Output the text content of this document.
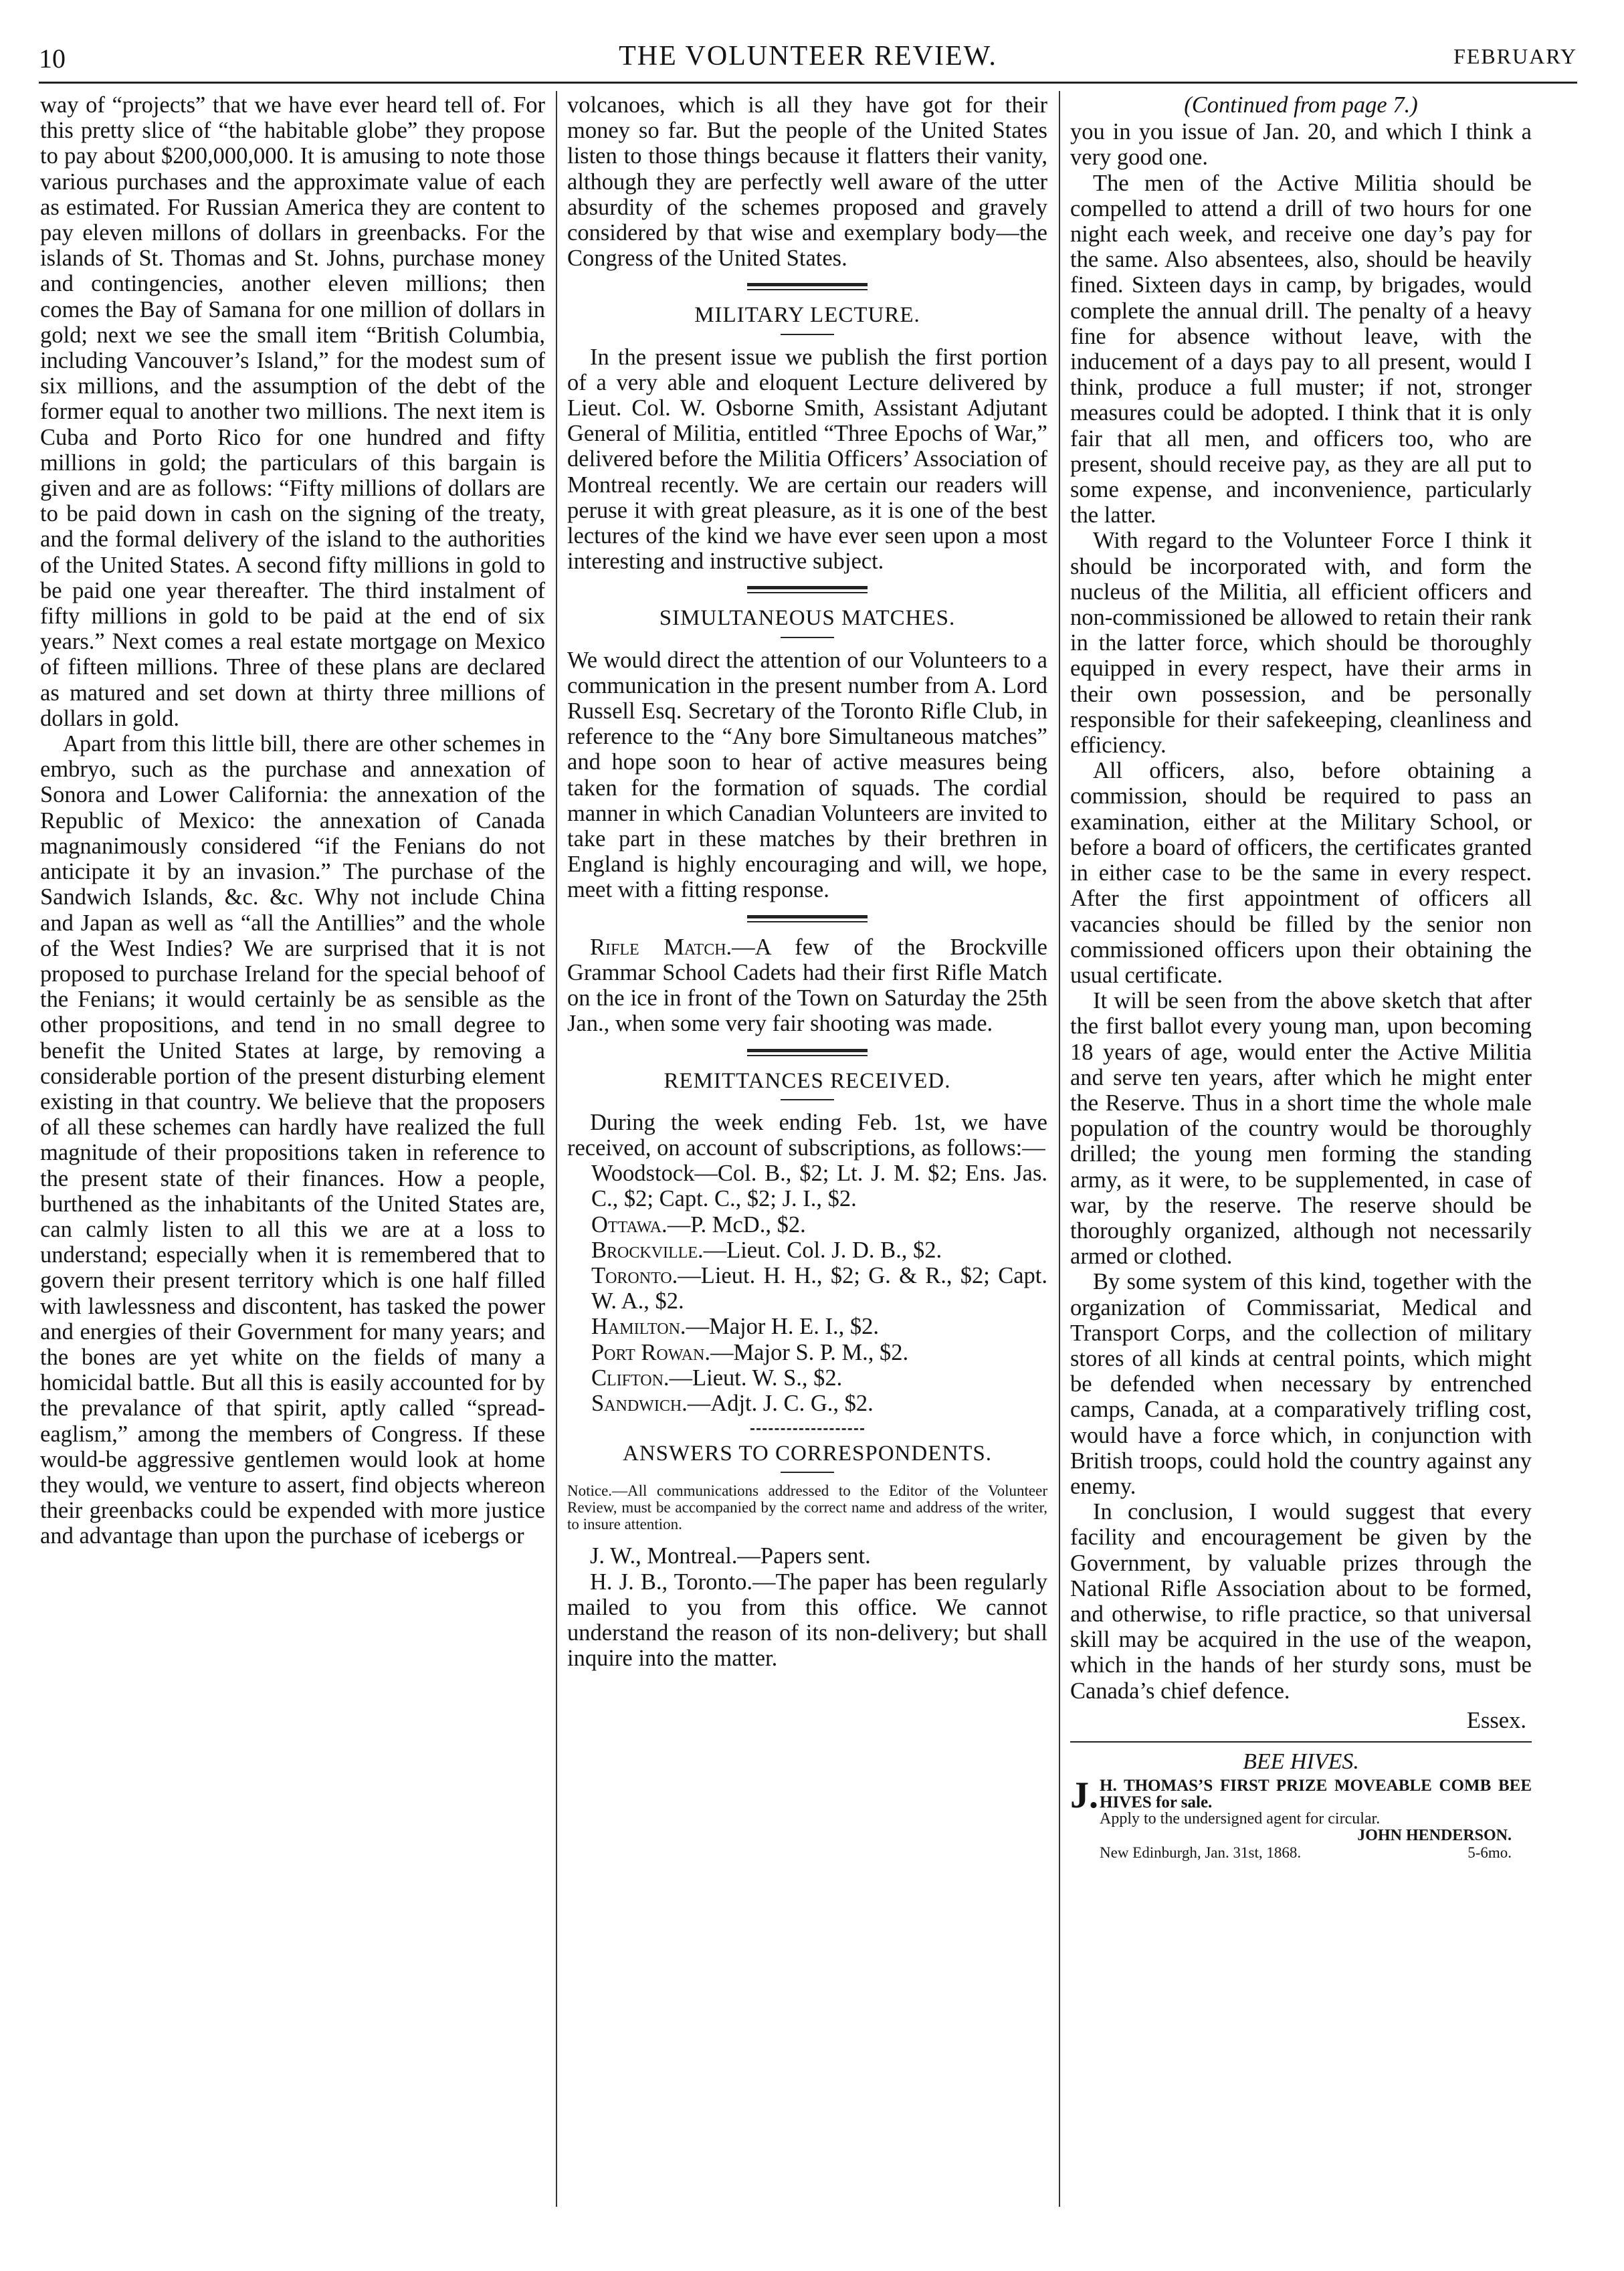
10	THE VOLUNTEER REVIEW.	FEBRUARY

way of “projects” that we have ever heard tell of. For this pretty slice of “the habitable globe” they propose to pay about $200,000,000. It is amusing to note those various purchases and the approximate value of each as estimated. For Russian America they are content to pay eleven millons of dollars in greenbacks. For the islands of St. Thomas and St. Johns, purchase money and contingencies, another eleven millions; then comes the Bay of Samana for one million of dollars in gold; next we see the small item “British Columbia, including Vancouver’s Island,” for the modest sum of six millions, and the assumption of the debt of the former equal to another two millions. The next item is Cuba and Porto Rico for one hundred and fifty millions in gold; the particulars of this bargain is given and are as follows: “Fifty millions of dollars are to be paid down in cash on the signing of the treaty, and the formal delivery of the island to the authorities of the United States. A second fifty millions in gold to be paid one year thereafter. The third instalment of fifty millions in gold to be paid at the end of six years.” Next comes a real estate mortgage on Mexico of fifteen millions. Three of these plans are declared as matured and set down at thirty three millions of dollars in gold.

Apart from this little bill, there are other schemes in embryo, such as the purchase and annexation of Sonora and Lower California: the annexation of the Republic of Mexico: the annexation of Canada magnanimously considered “if the Fenians do not anticipate it by an invasion.” The purchase of the Sandwich Islands, &c. &c. Why not include China and Japan as well as “all the Antillies” and the whole of the West Indies? We are surprised that it is not proposed to purchase Ireland for the special behoof of the Fenians; it would certainly be as sensible as the other propositions, and tend in no small degree to benefit the United States at large, by removing a considerable portion of the present disturbing element existing in that country. We believe that the proposers of all these schemes can hardly have realized the full magnitude of their propositions taken in reference to the present state of their finances. How a people, burthened as the inhabitants of the United States are, can calmly listen to all this we are at a loss to understand; especially when it is remembered that to govern their present territory which is one half filled with lawlessness and discontent, has tasked the power and energies of their Government for many years; and the bones are yet white on the fields of many a homicidal battle. But all this is easily accounted for by the prevalance of that spirit, aptly called “spread-eaglism,” among the members of Congress. If these would-be aggressive gentlemen would look at home they would, we venture to assert, find objects whereon their greenbacks could be expended with more justice and advantage than upon the purchase of icebergs or

volcanoes, which is all they have got for their money so far. But the people of the United States listen to those things because it flatters their vanity, although they are perfectly well aware of the utter absurdity of the schemes proposed and gravely considered by that wise and exemplary body—the Congress of the United States.

MILITARY LECTURE.

In the present issue we publish the first portion of a very able and eloquent Lecture delivered by Lieut. Col. W. Osborne Smith, Assistant Adjutant General of Militia, entitled “Three Epochs of War,” delivered before the Militia Officers’ Association of Montreal recently. We are certain our readers will peruse it with great pleasure, as it is one of the best lectures of the kind we have ever seen upon a most interesting and instructive subject.

SIMULTANEOUS MATCHES.

We would direct the attention of our Volunteers to a communication in the present number from A. Lord Russell Esq. Secretary of the Toronto Rifle Club, in reference to the “Any bore Simultaneous matches” and hope soon to hear of active measures being taken for the formation of squads. The cordial manner in which Canadian Volunteers are invited to take part in these matches by their brethren in England is highly encouraging and will, we hope, meet with a fitting response.

Rifle Match.—A few of the Brockville Grammar School Cadets had their first Rifle Match on the ice in front of the Town on Saturday the 25th Jan., when some very fair shooting was made.

REMITTANCES RECEIVED.

During the week ending Feb. 1st, we have received, on account of subscriptions, as follows:—

Woodstock—Col. B., $2; Lt. J. M. $2; Ens. Jas. C., $2; Capt. C., $2; J. I., $2.

Ottawa.—P. McD., $2.

Brockville.—Lieut. Col. J. D. B., $2.

Toronto.—Lieut. H. H., $2; G. & R., $2; Capt. W. A., $2.

Hamilton.—Major H. E. I., $2.

Port Rowan.—Major S. P. M., $2.

Clifton.—Lieut. W. S., $2.

Sandwich.—Adjt. J. C. G., $2.

ANSWERS TO CORRESPONDENTS.
Notice.—All communications addressed to the Editor of the Volunteer Review, must be accompanied by the correct name and address of the writer, to insure attention.

J. W., Montreal.—Papers sent.

H. J. B., Toronto.—The paper has been regularly mailed to you from this office. We cannot understand the reason of its non-delivery; but shall inquire into the matter.

(Continued from page 7.)

you in you issue of Jan. 20, and which I think a very good one.

The men of the Active Militia should be compelled to attend a drill of two hours for one night each week, and receive one day’s pay for the same. Also absentees, also, should be heavily fined. Sixteen days in camp, by brigades, would complete the annual drill. The penalty of a heavy fine for absence without leave, with the inducement of a days pay to all present, would I think, produce a full muster; if not, stronger measures could be adopted. I think that it is only fair that all men, and officers too, who are present, should receive pay, as they are all put to some expense, and inconvenience, particularly the latter.

With regard to the Volunteer Force I think it should be incorporated with, and form the nucleus of the Militia, all efficient officers and non-commissioned be allowed to retain their rank in the latter force, which should be thoroughly equipped in every respect, have their arms in their own possession, and be personally responsible for their safekeeping, cleanliness and efficiency.

All officers, also, before obtaining a commission, should be required to pass an examination, either at the Military School, or before a board of officers, the certificates granted in either case to be the same in every respect. After the first appointment of officers all vacancies should be filled by the senior non commissioned officers upon their obtaining the usual certificate.

It will be seen from the above sketch that after the first ballot every young man, upon becoming 18 years of age, would enter the Active Militia and serve ten years, after which he might enter the Reserve. Thus in a short time the whole male population of the country would be thoroughly drilled; the young men forming the standing army, as it were, to be supplemented, in case of war, by the reserve. The reserve should be thoroughly organized, although not necessarily armed or clothed.

By some system of this kind, together with the organization of Commissariat, Medical and Transport Corps, and the collection of military stores of all kinds at central points, which might be defended when necessary by entrenched camps, Canada, at a comparatively trifling cost, would have a force which, in conjunction with British troops, could hold the country against any enemy.

In conclusion, I would suggest that every facility and encouragement be given by the Government, by valuable prizes through the National Rifle Association about to be formed, and otherwise, to rifle practice, so that universal skill may be acquired in the use of the weapon, which in the hands of her sturdy sons, must be Canada’s chief defence.

Essex.
BEE HIVES.
J. H. THOMAS’S FIRST PRIZE MOVEABLE COMB BEE HIVES for sale.
Apply to the undersigned agent for circular.
JOHN HENDERSON.
New Edinburgh, Jan. 31st, 1868.	5-6mo.
